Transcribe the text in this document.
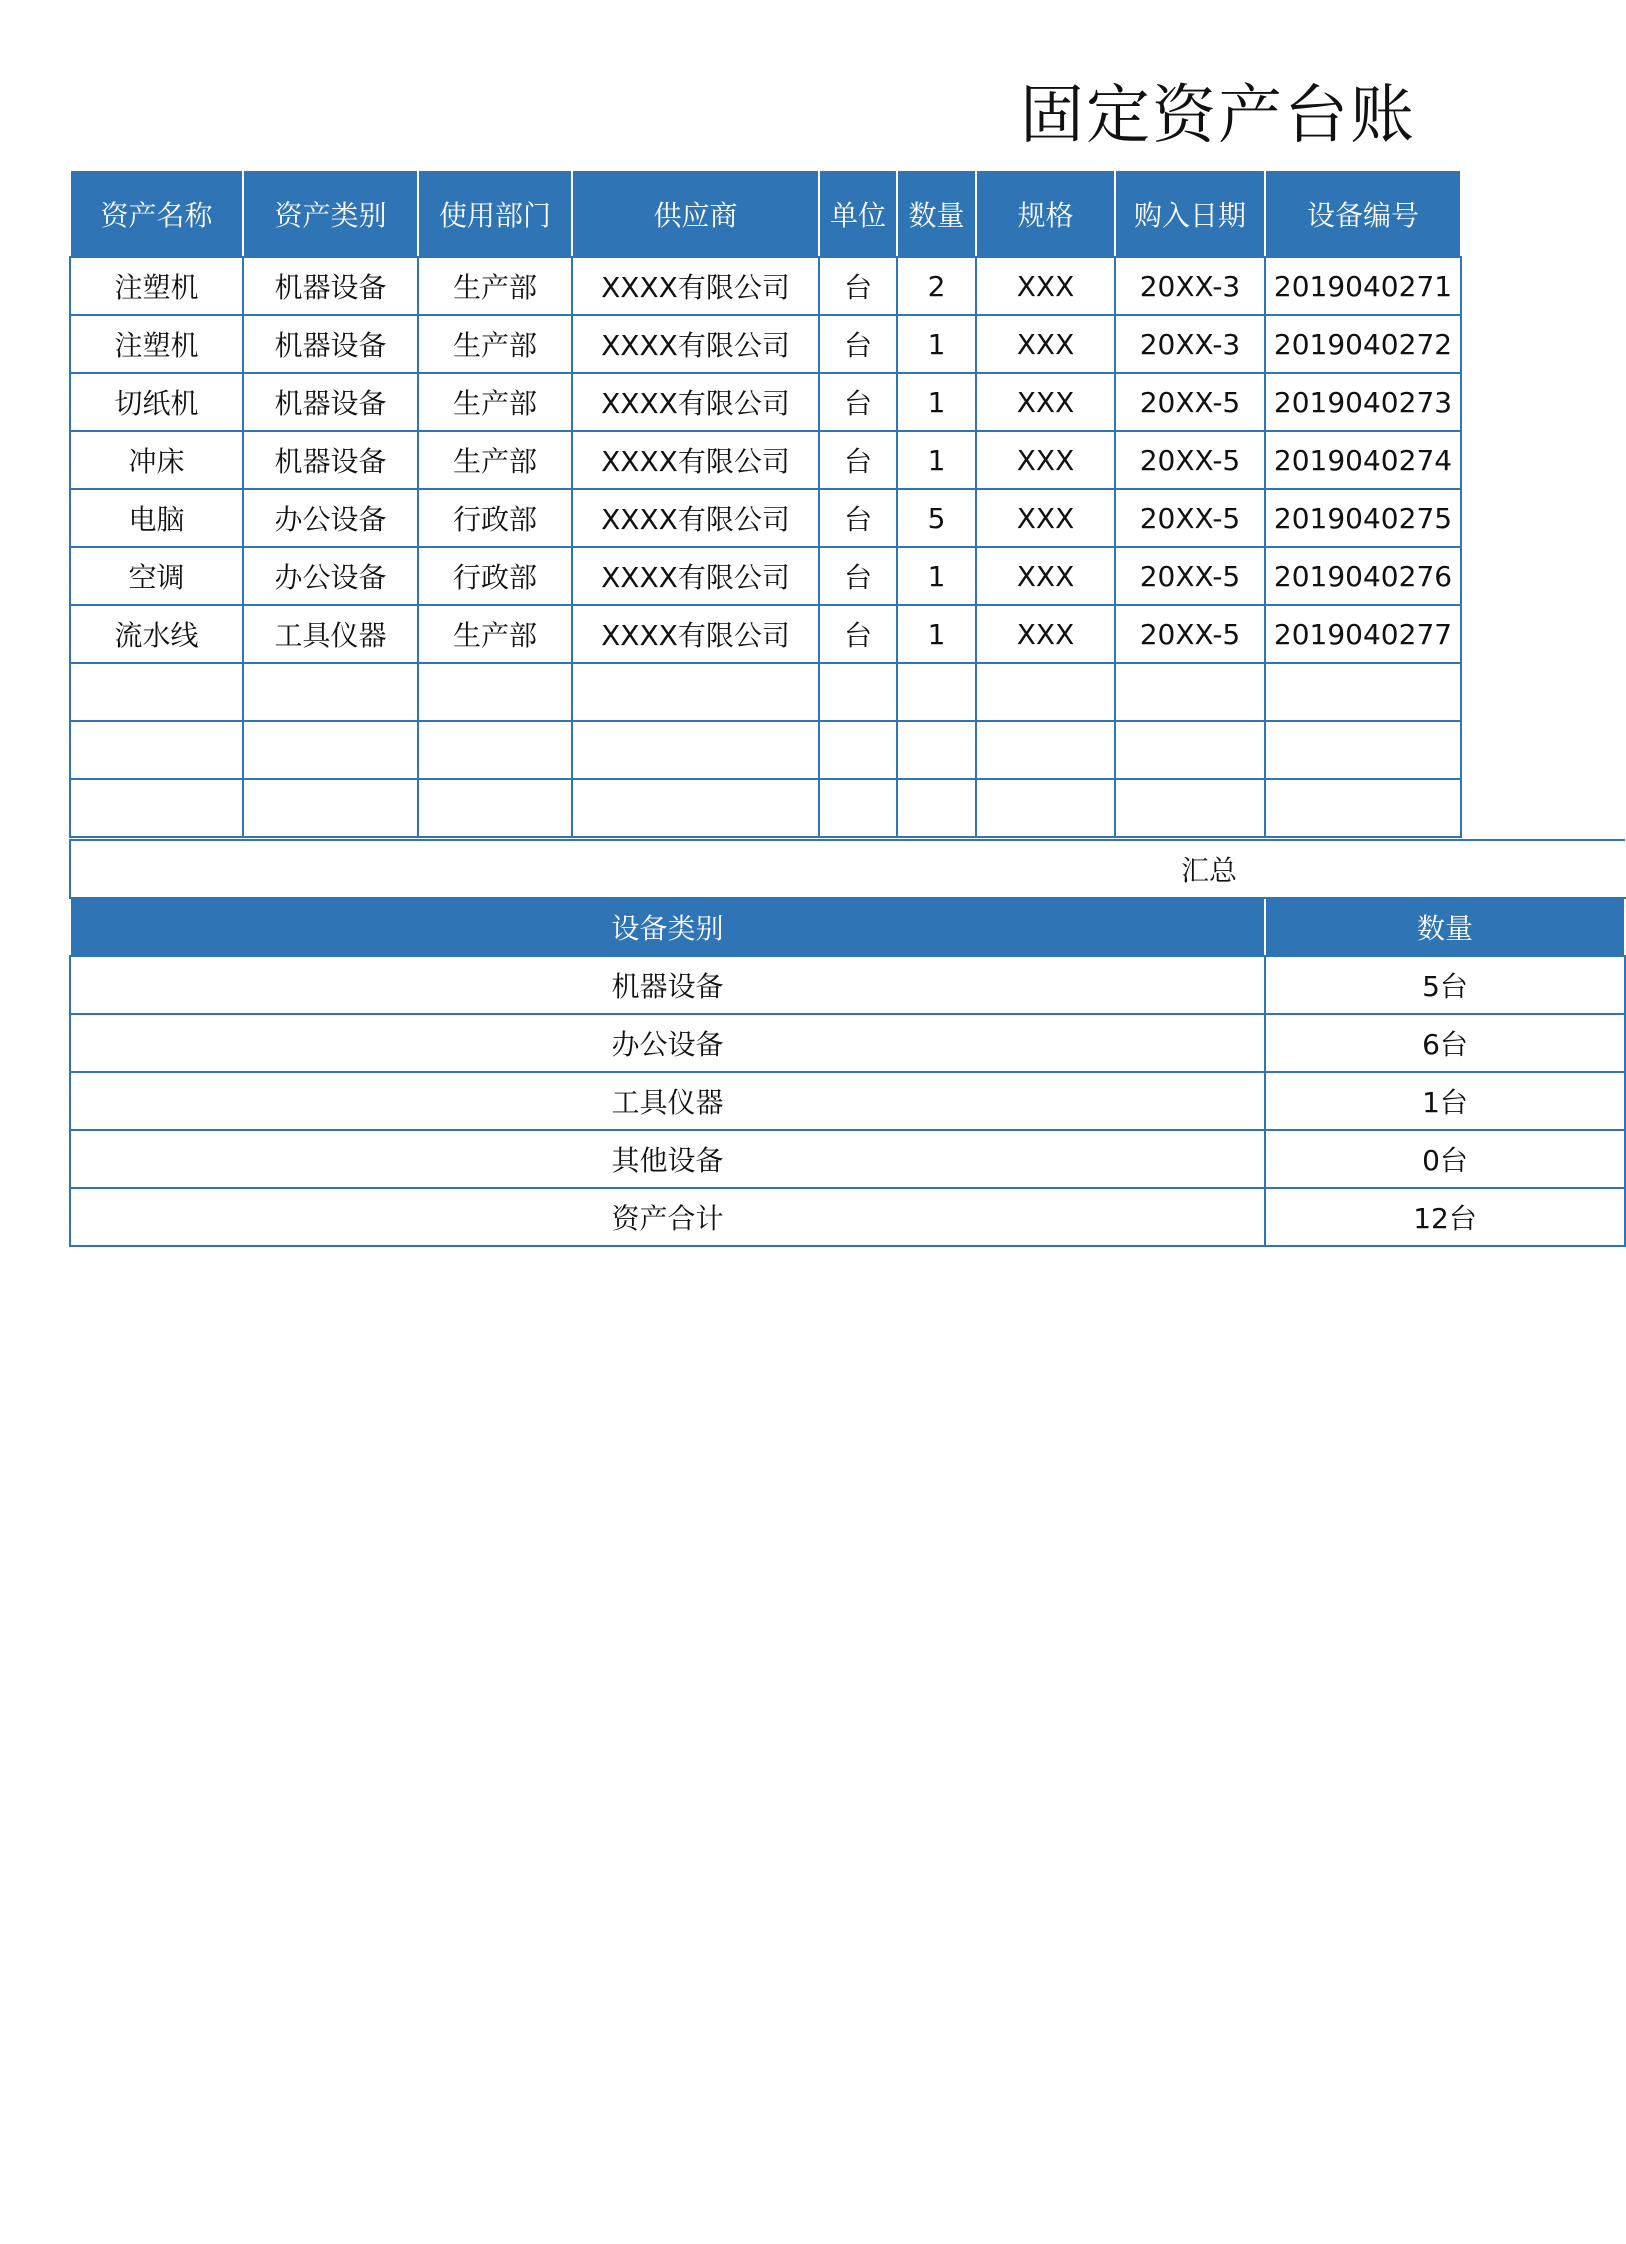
固定资产台账
资产名称	资产类别	使用部门	供应商	单位	数量	规格	购入日期	设备编号
注塑机	机器设备	生产部	XXXX有限公司	台	2	XXX	20XX-3	2019040271
注塑机	机器设备	生产部	XXXX有限公司	台	1	XXX	20XX-3	2019040272
切纸机	机器设备	生产部	XXXX有限公司	台	1	XXX	20XX-5	2019040273
冲床	机器设备	生产部	XXXX有限公司	台	1	XXX	20XX-5	2019040274
电脑	办公设备	行政部	XXXX有限公司	台	5	XXX	20XX-5	2019040275
空调	办公设备	行政部	XXXX有限公司	台	1	XXX	20XX-5	2019040276
流水线	工具仪器	生产部	XXXX有限公司	台	1	XXX	20XX-5	2019040277

汇总	
设备类别	数量
机器设备	5台
办公设备	6台
工具仪器	1台
其他设备	0台
资产合计	12台
